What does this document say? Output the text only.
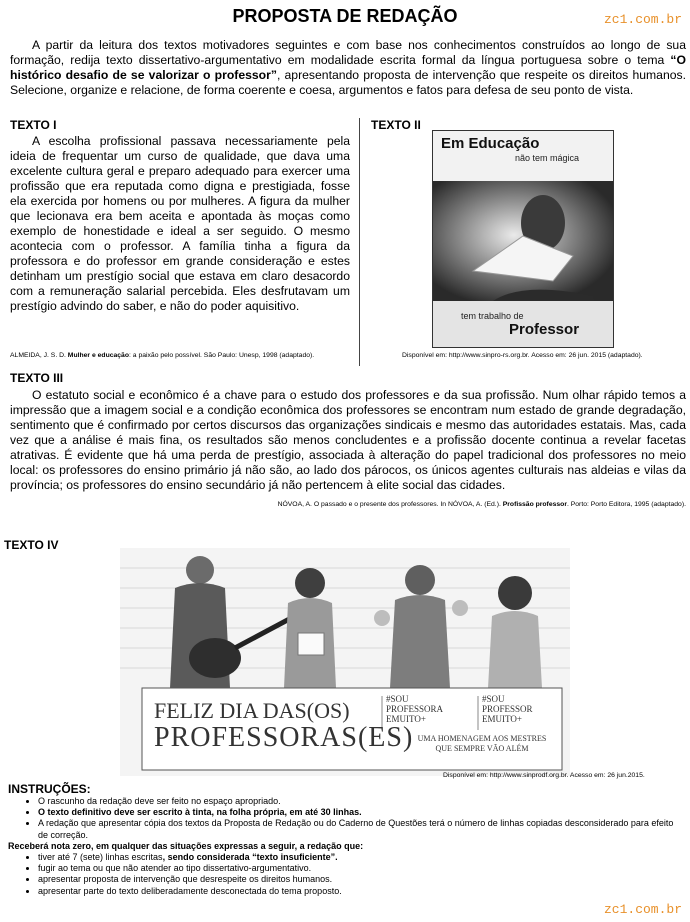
PROPOSTA DE REDAÇÃO	zc1.com.br
A partir da leitura dos textos motivadores seguintes e com base nos conhecimentos construídos ao longo de sua formação, redija texto dissertativo-argumentativo em modalidade escrita formal da língua portuguesa sobre o tema “O histórico desafio de se valorizar o professor”, apresentando proposta de intervenção que respeite os direitos humanos. Selecione, organize e relacione, de forma coerente e coesa, argumentos e fatos para defesa de seu ponto de vista.
TEXTO I
A escolha profissional passava necessariamente pela ideia de frequentar um curso de qualidade, que dava uma excelente cultura geral e preparo adequado para exercer uma profissão que era reputada como digna e prestigiada, fosse ela exercida por homens ou por mulheres. A figura da mulher que lecionava era bem aceita e apontada às moças como exemplo de honestidade e ideal a ser seguido. O mesmo acontecia com o professor. A família tinha a figura da professora e do professor em grande consideração e estes detinham um prestígio social que estava em claro desacordo com a remuneração salarial percebida. Eles desfrutavam um prestígio advindo do saber, e não do poder aquisitivo.
ALMEIDA, J. S. D. Mulher e educação: a paixão pelo possível. São Paulo: Unesp, 1998 (adaptado).
TEXTO II
Em Educação
não tem mágica
tem trabalho de
Professor
Disponível em: http://www.sinpro-rs.org.br. Acesso em: 26 jun. 2015 (adaptado).
TEXTO III
O estatuto social e econômico é a chave para o estudo dos professores e da sua profissão. Num olhar rápido temos a impressão que a imagem social e a condição econômica dos professores se encontram num estado de grande degradação, sentimento que é confirmado por certos discursos das organizações sindicais e mesmo das autoridades estatais. Mas, cada vez que a análise é mais fina, os resultados são menos concludentes e a profissão docente continua a revelar facetas atrativas. É evidente que há uma perda de prestígio, associada à alteração do papel tradicional dos professores no meio local: os professores do ensino primário já não são, ao lado dos párocos, os únicos agentes culturais nas aldeias e vilas da província; os professores do ensino secundário já não pertencem à elite social das cidades.
NÓVOA, A. O passado e o presente dos professores. In NÓVOA, A. (Ed.). Profissão professor. Porto: Porto Editora, 1995 (adaptado).
TEXTO IV
FELIZ DIA DAS(OS)
PROFESSORAS(ES)
#SOU
PROFESSORA
EMUITO+
#SOU
PROFESSOR
EMUITO+
UMA HOMENAGEM AOS MESTRES
QUE SEMPRE VÃO ALÉM
Disponível em: http://www.sinprodf.org.br. Acesso em: 26 jun.2015.
INSTRUÇÕES:
• O rascunho da redação deve ser feito no espaço apropriado.
• O texto definitivo deve ser escrito à tinta, na folha própria, em até 30 linhas.
• A redação que apresentar cópia dos textos da Proposta de Redação ou do Caderno de Questões terá o número de linhas copiadas desconsiderado para efeito de correção.
Receberá nota zero, em qualquer das situações expressas a seguir, a redação que:
• tiver até 7 (sete) linhas escritas, sendo considerada “texto insuficiente”.
• fugir ao tema ou que não atender ao tipo dissertativo-argumentativo.
• apresentar proposta de intervenção que desrespeite os direitos humanos.
• apresentar parte do texto deliberadamente desconectada do tema proposto.
zc1.com.br
